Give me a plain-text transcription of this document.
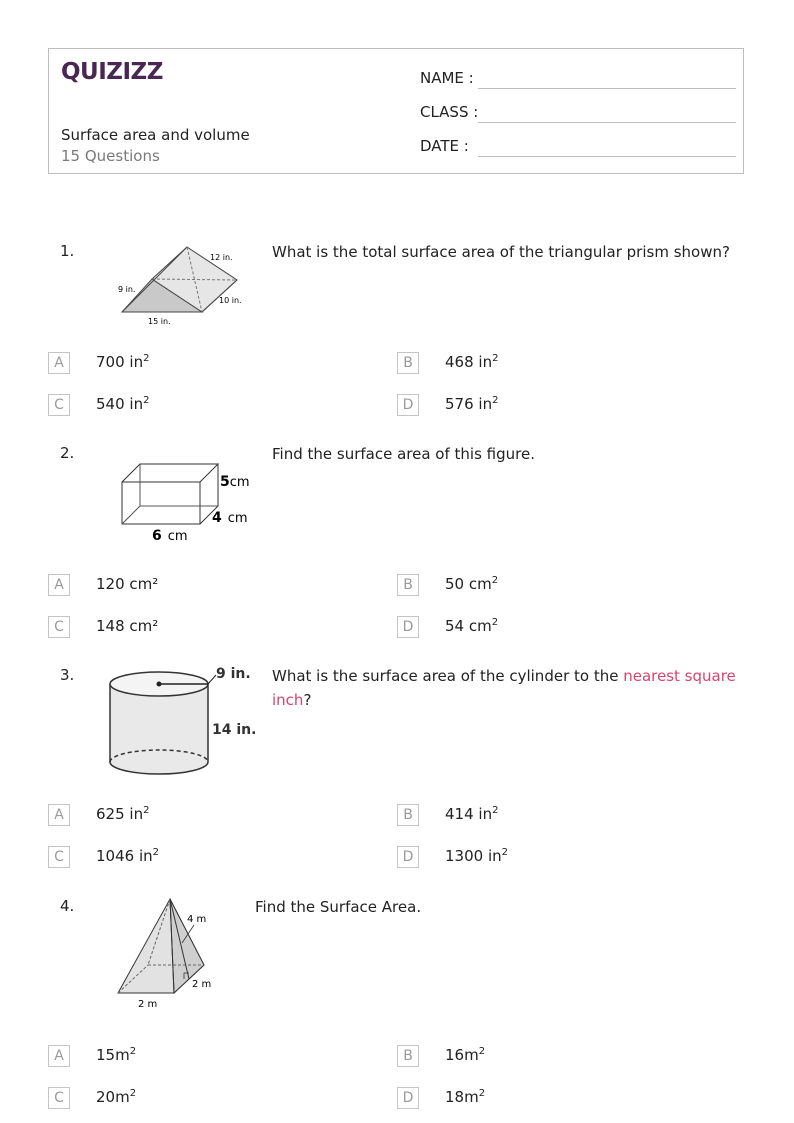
QUIZIZZ
Surface area and volume
15 Questions
NAME :
CLASS :
DATE :
1.	12 in.
9 in.
10 in.
15 in.
What is the total surface area of the triangular prism shown?
A	700 $in^2$	B	468 $in^2$
C	540 $in^2$	D	576 $in^2$
2.
5cm
4 cm
6 cm
Find the surface area of this figure.
A	120 cm²	B	50 $cm^2$
C	148 cm²	D	54 $cm^2$
3.	9 in.
14 in.
What is the surface area of the cylinder to the nearest square inch?
A	625 $in^2$	B	414 $in^2$
C	1046 $in^2$	D	1300 $in^2$
4.
4 m
2 m
2 m
Find the Surface Area.
A	$15m^2$	B	$16m^2$
C	$20m^2$	D	$18m^2$
